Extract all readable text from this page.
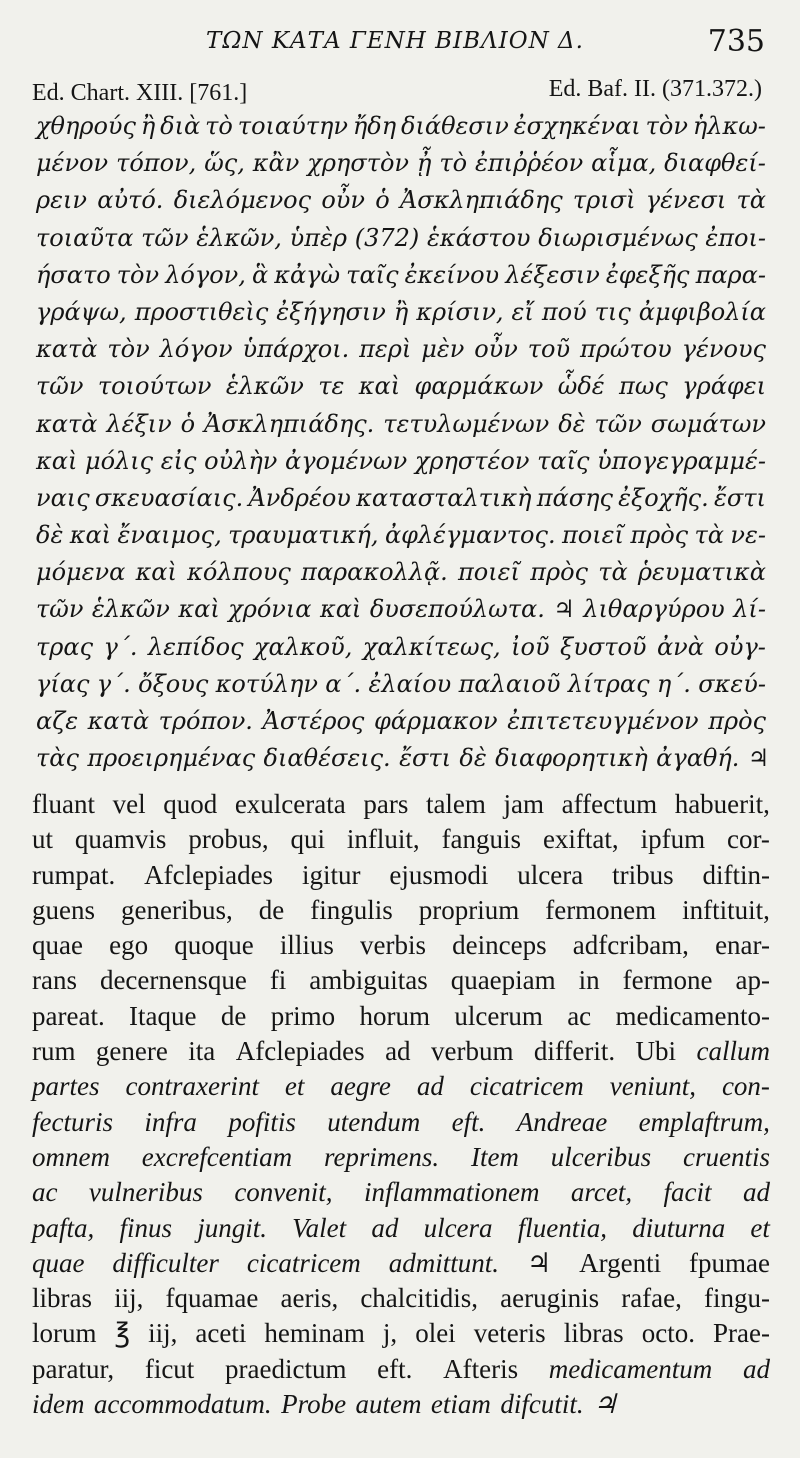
ΤΩΝ ΚΑΤΑ ΓΕΝΗ ΒΙΒΛΙΟΝ Δ.	735
Ed. Chart. XIII. [761.]	Ed. Baf. II. (371.372.)
χθηρούς ἢ διὰ τὸ τοιαύτην ἤδη διάθεσιν ἐσχηκέναι τὸν ἡλκω-
μένον τόπον, ὥς, κἂν χρηστὸν ᾖ τὸ ἐπιῤῥέον αἷμα, διαφθεί-
ρειν αὐτό. διελόμενος οὖν ὁ Ἀσκληπιάδης τρισὶ γένεσι τὰ
τοιαῦτα τῶν ἑλκῶν, ὑπὲρ (372) ἑκάστου διωρισμένως ἐποι-
ήσατο τὸν λόγον, ἃ κἀγὼ ταῖς ἐκείνου λέξεσιν ἐφεξῆς παρα-
γράψω, προστιθεὶς ἐξήγησιν ἢ κρίσιν, εἴ πού τις ἀμφιβολία
κατὰ τὸν λόγον ὑπάρχοι. περὶ μὲν οὖν τοῦ πρώτου γένους
τῶν τοιούτων ἑλκῶν τε καὶ φαρμάκων ὧδέ πως γράφει
κατὰ λέξιν ὁ Ἀσκληπιάδης. τετυλωμένων δὲ τῶν σωμάτων
καὶ μόλις εἰς οὐλὴν ἀγομένων χρηστέον ταῖς ὑπογεγραμμέ-
ναις σκευασίαις. Ἀνδρέου κατασταλτικὴ πάσης ἐξοχῆς. ἔστι
δὲ καὶ ἔναιμος, τραυματική, ἀφλέγμαντος. ποιεῖ πρὸς τὰ νε-
μόμενα καὶ κόλπους παρακολλᾷ. ποιεῖ πρὸς τὰ ῥευματικὰ
τῶν ἑλκῶν καὶ χρόνια καὶ δυσεπούλωτα. ♃ λιθαργύρου λί-
τρας γ΄. λεπίδος χαλκοῦ, χαλκίτεως, ἰοῦ ξυστοῦ ἀνὰ οὐγ-
γίας γ΄. ὄξους κοτύλην α΄. ἐλαίου παλαιοῦ λίτρας η΄. σκεύ-
αζε κατὰ τρόπον. Ἀστέρος φάρμακον ἐπιτετευγμένον πρὸς
τὰς προειρημένας διαθέσεις. ἔστι δὲ διαφορητικὴ ἀγαθή. ♃
fluant vel quod exulcerata pars talem jam affectum habuerit,
ut quamvis probus, qui influit, fanguis exiftat, ipfum cor-
rumpat. Afclepiades igitur ejusmodi ulcera tribus diftin-
guens generibus, de fingulis proprium fermonem inftituit,
quae ego quoque illius verbis deinceps adfcribam, enar-
rans decernensque fi ambiguitas quaepiam in fermone ap-
pareat. Itaque de primo horum ulcerum ac medicamento-
rum genere ita Afclepiades ad verbum differit. Ubi callum
partes contraxerint et aegre ad cicatricem veniunt, con-
fecturis infra pofitis utendum eft. Andreae emplaftrum,
omnem excrefcentiam reprimens. Item ulceribus cruentis
ac vulneribus convenit, inflammationem arcet, facit ad
pafta, finus jungit. Valet ad ulcera fluentia, diuturna et
quae difficulter cicatricem admittunt. ♃ Argenti fpumae
libras iij, fquamae aeris, chalcitidis, aeruginis rafae, fingu-
lorum ℥ iij, aceti heminam j, olei veteris libras octo. Prae-
paratur, ficut praedictum eft. Afteris medicamentum ad
idem accommodatum. Probe autem etiam difcutit. ♃
